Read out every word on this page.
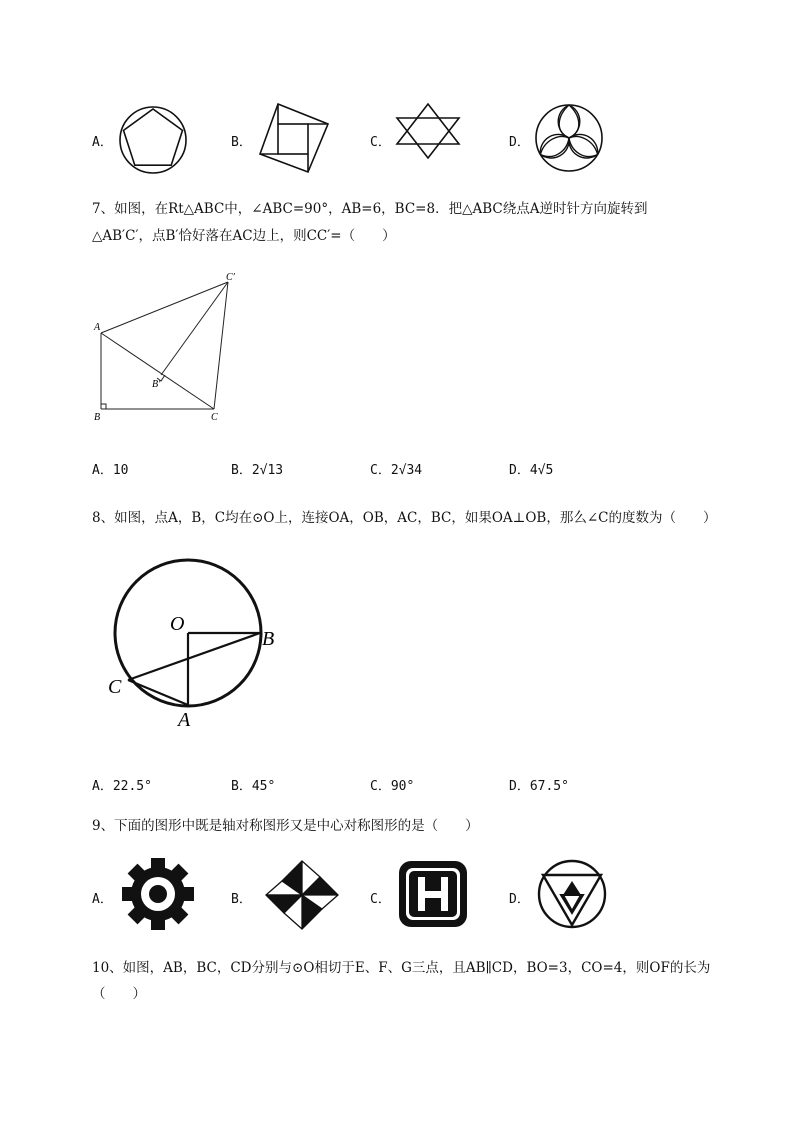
A．	B．	C．	D．
7、如图，在Rt△ABC中，∠ABC=90°，AB=6，BC=8．把△ABC绕点A逆时针方向旋转到
△AB′C′，点B′恰好落在AC边上，则CC′=（　　）
A
B	C
B′
C′
A．10	B．2√13	C．2√34	D．4√5
8、如图，点A，B，C均在⊙O上，连接OA，OB，AC，BC，如果OA⊥OB，那么∠C的度数为（　　）
O
B
C
A
A．22.5°	B．45°	C．90°	D．67.5°
9、下面的图形中既是轴对称图形又是中心对称图形的是（　　）
A．	B．	C．	D．
10、如图，AB，BC，CD分别与⊙O相切于E、F、G三点，且AB∥CD，BO=3，CO=4，则OF的长为
（　　）
